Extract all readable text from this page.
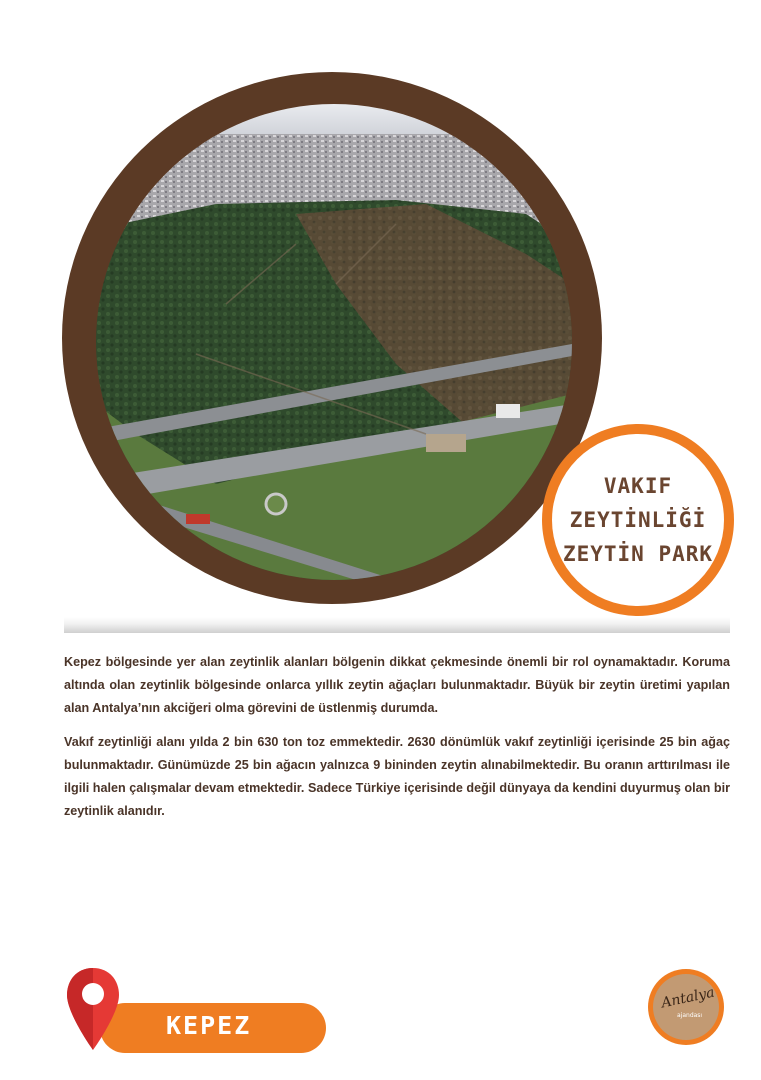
VAKIF
ZEYTİNLİĞİ
ZEYTİN PARK

Kepez bölgesinde yer alan zeytinlik alanları bölgenin dikkat çekmesinde önemli bir rol oynamaktadır. Koruma altında olan zeytinlik bölgesinde onlarca yıllık zeytin ağaçları bulunmaktadır. Büyük bir zeytin üretimi yapılan alan Antalya’nın akciğeri olma görevini de üstlenmiş durumda.

Vakıf zeytinliği alanı yılda 2 bin 630 ton toz emmektedir. 2630 dönümlük vakıf zeytinliği içerisinde 25 bin ağaç bulunmaktadır. Günümüzde 25 bin ağacın yalnızca 9 bininden zeytin alınabilmektedir. Bu oranın arttırılması ile ilgili halen çalışmalar devam etmektedir. Sadece Türkiye içerisinde değil dünyaya da kendini duyurmuş olan bir zeytinlik alanıdır.

KEPEZ
Antalya
ajandası
